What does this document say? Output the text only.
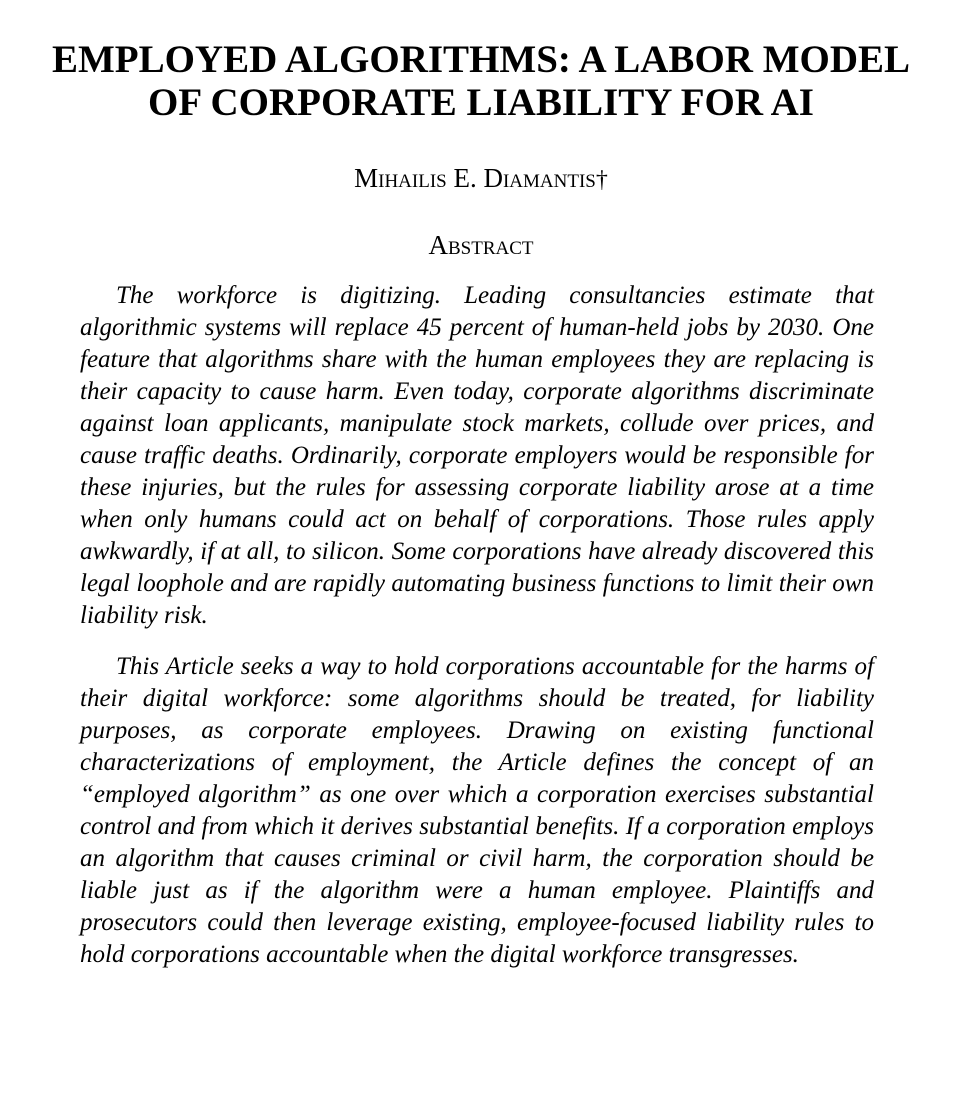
EMPLOYED ALGORITHMS: A LABOR MODEL
OF CORPORATE LIABILITY FOR AI
Mihailis E. Diamantis†
Abstract

The workforce is digitizing. Leading consultancies estimate that algorithmic systems will replace 45 percent of human-held jobs by 2030. One feature that algorithms share with the human employees they are replacing is their capacity to cause harm. Even today, corporate algorithms discriminate against loan applicants, manipulate stock markets, collude over prices, and cause traffic deaths. Ordinarily, corporate employers would be responsible for these injuries, but the rules for assessing corporate liability arose at a time when only humans could act on behalf of corporations. Those rules apply awkwardly, if at all, to silicon. Some corporations have already discovered this legal loophole and are rapidly automating business functions to limit their own liability risk.

This Article seeks a way to hold corporations accountable for the harms of their digital workforce: some algorithms should be treated, for liability purposes, as corporate employees. Drawing on existing functional characterizations of employment, the Article defines the concept of an “employed algorithm” as one over which a corporation exercises substantial control and from which it derives substantial benefits. If a corporation employs an algorithm that causes criminal or civil harm, the corporation should be liable just as if the algorithm were a human employee. Plaintiffs and prosecutors could then leverage existing, employee-focused liability rules to hold corporations accountable when the digital workforce transgresses.
